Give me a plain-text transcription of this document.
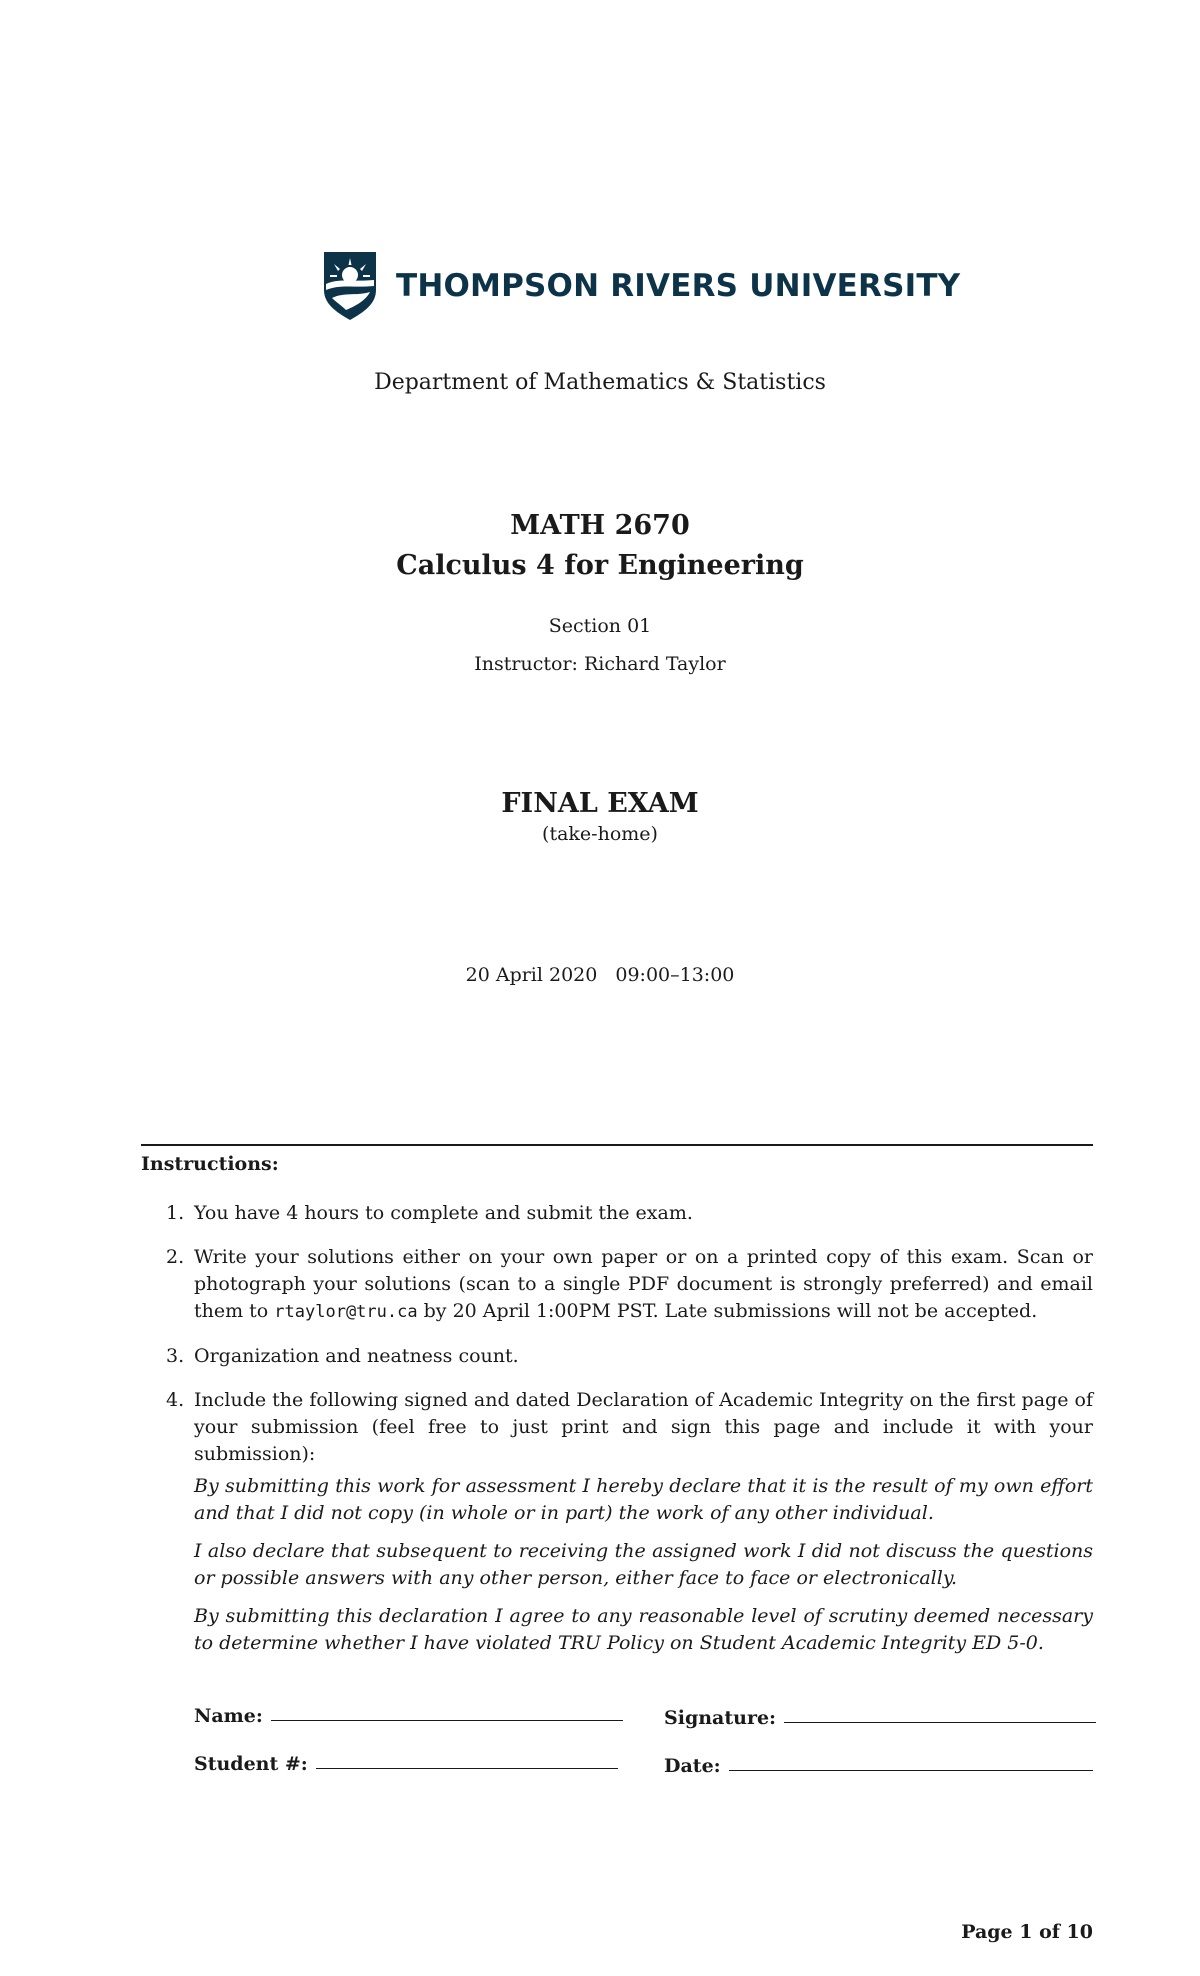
THOMPSON RIVERS UNIVERSITY
Department of Mathematics & Statistics
MATH 2670
Calculus 4 for Engineering
Section 01
Instructor: Richard Taylor
FINAL EXAM
(take-home)
20 April 2020 09:00–13:00
Instructions:
1. You have 4 hours to complete and submit the exam.
2. Write your solutions either on your own paper or on a printed copy of this exam. Scan or photograph your solutions (scan to a single PDF document is strongly preferred) and email them to rtaylor@tru.ca by 20 April 1:00PM PST. Late submissions will not be accepted.
3. Organization and neatness count.
4. Include the following signed and dated Declaration of Academic Integrity on the first page of your submission (feel free to just print and sign this page and include it with your submission):

By submitting this work for assessment I hereby declare that it is the result of my own effort and that I did not copy (in whole or in part) the work of any other individual.

I also declare that subsequent to receiving the assigned work I did not discuss the questions or possible answers with any other person, either face to face or electronically.

By submitting this declaration I agree to any reasonable level of scrutiny deemed necessary to determine whether I have violated TRU Policy on Student Academic Integrity ED 5-0.

Name:	Signature:
Student #:	Date:
Page 1 of 10
